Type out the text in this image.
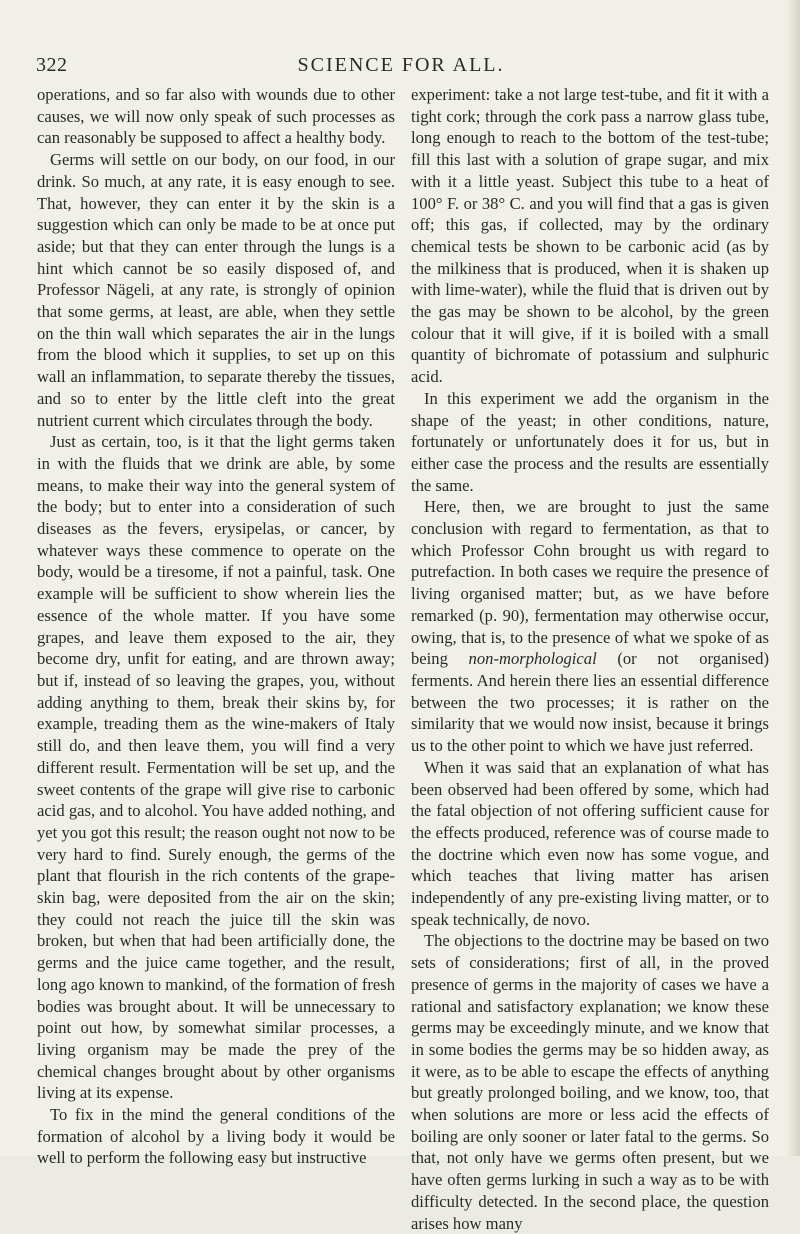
322	SCIENCE FOR ALL.

operations, and so far also with wounds due to other causes, we will now only speak of such processes as can reasonably be supposed to affect a healthy body.

Germs will settle on our body, on our food, in our drink. So much, at any rate, it is easy enough to see. That, however, they can enter it by the skin is a suggestion which can only be made to be at once put aside; but that they can enter through the lungs is a hint which cannot be so easily disposed of, and Professor Nägeli, at any rate, is strongly of opinion that some germs, at least, are able, when they settle on the thin wall which separates the air in the lungs from the blood which it supplies, to set up on this wall an inflammation, to separate thereby the tissues, and so to enter by the little cleft into the great nutrient current which circulates through the body.

Just as certain, too, is it that the light germs taken in with the fluids that we drink are able, by some means, to make their way into the general system of the body; but to enter into a consideration of such diseases as the fevers, erysipelas, or cancer, by whatever ways these commence to operate on the body, would be a tiresome, if not a painful, task. One example will be sufficient to show wherein lies the essence of the whole matter. If you have some grapes, and leave them exposed to the air, they become dry, unfit for eating, and are thrown away; but if, instead of so leaving the grapes, you, without adding anything to them, break their skins by, for example, treading them as the wine-makers of Italy still do, and then leave them, you will find a very different result. Fermentation will be set up, and the sweet contents of the grape will give rise to carbonic acid gas, and to alcohol. You have added nothing, and yet you got this result; the reason ought not now to be very hard to find. Surely enough, the germs of the plant that flourish in the rich contents of the grape-skin bag, were deposited from the air on the skin; they could not reach the juice till the skin was broken, but when that had been artificially done, the germs and the juice came together, and the result, long ago known to mankind, of the formation of fresh bodies was brought about. It will be unnecessary to point out how, by somewhat similar processes, a living organism may be made the prey of the chemical changes brought about by other organisms living at its expense.

To fix in the mind the general conditions of the formation of alcohol by a living body it would be well to perform the following easy but instructive

experiment: take a not large test-tube, and fit it with a tight cork; through the cork pass a narrow glass tube, long enough to reach to the bottom of the test-tube; fill this last with a solution of grape sugar, and mix with it a little yeast. Subject this tube to a heat of 100° F. or 38° C. and you will find that a gas is given off; this gas, if collected, may by the ordinary chemical tests be shown to be carbonic acid (as by the milkiness that is produced, when it is shaken up with lime-water), while the fluid that is driven out by the gas may be shown to be alcohol, by the green colour that it will give, if it is boiled with a small quantity of bichromate of potassium and sulphuric acid.

In this experiment we add the organism in the shape of the yeast; in other conditions, nature, fortunately or unfortunately does it for us, but in either case the process and the results are essentially the same.

Here, then, we are brought to just the same conclusion with regard to fermentation, as that to which Professor Cohn brought us with regard to putrefaction. In both cases we require the presence of living organised matter; but, as we have before remarked (p. 90), fermentation may otherwise occur, owing, that is, to the presence of what we spoke of as being non-morphological (or not organised) ferments. And herein there lies an essential difference between the two processes; it is rather on the similarity that we would now insist, because it brings us to the other point to which we have just referred.

When it was said that an explanation of what has been observed had been offered by some, which had the fatal objection of not offering sufficient cause for the effects produced, reference was of course made to the doctrine which even now has some vogue, and which teaches that living matter has arisen independently of any pre-existing living matter, or to speak technically, de novo.

The objections to the doctrine may be based on two sets of considerations; first of all, in the proved presence of germs in the majority of cases we have a rational and satisfactory explanation; we know these germs may be exceedingly minute, and we know that in some bodies the germs may be so hidden away, as it were, as to be able to escape the effects of anything but greatly prolonged boiling, and we know, too, that when solutions are more or less acid the effects of boiling are only sooner or later fatal to the germs. So that, not only have we germs often present, but we have often germs lurking in such a way as to be with difficulty detected. In the second place, the question arises how many
